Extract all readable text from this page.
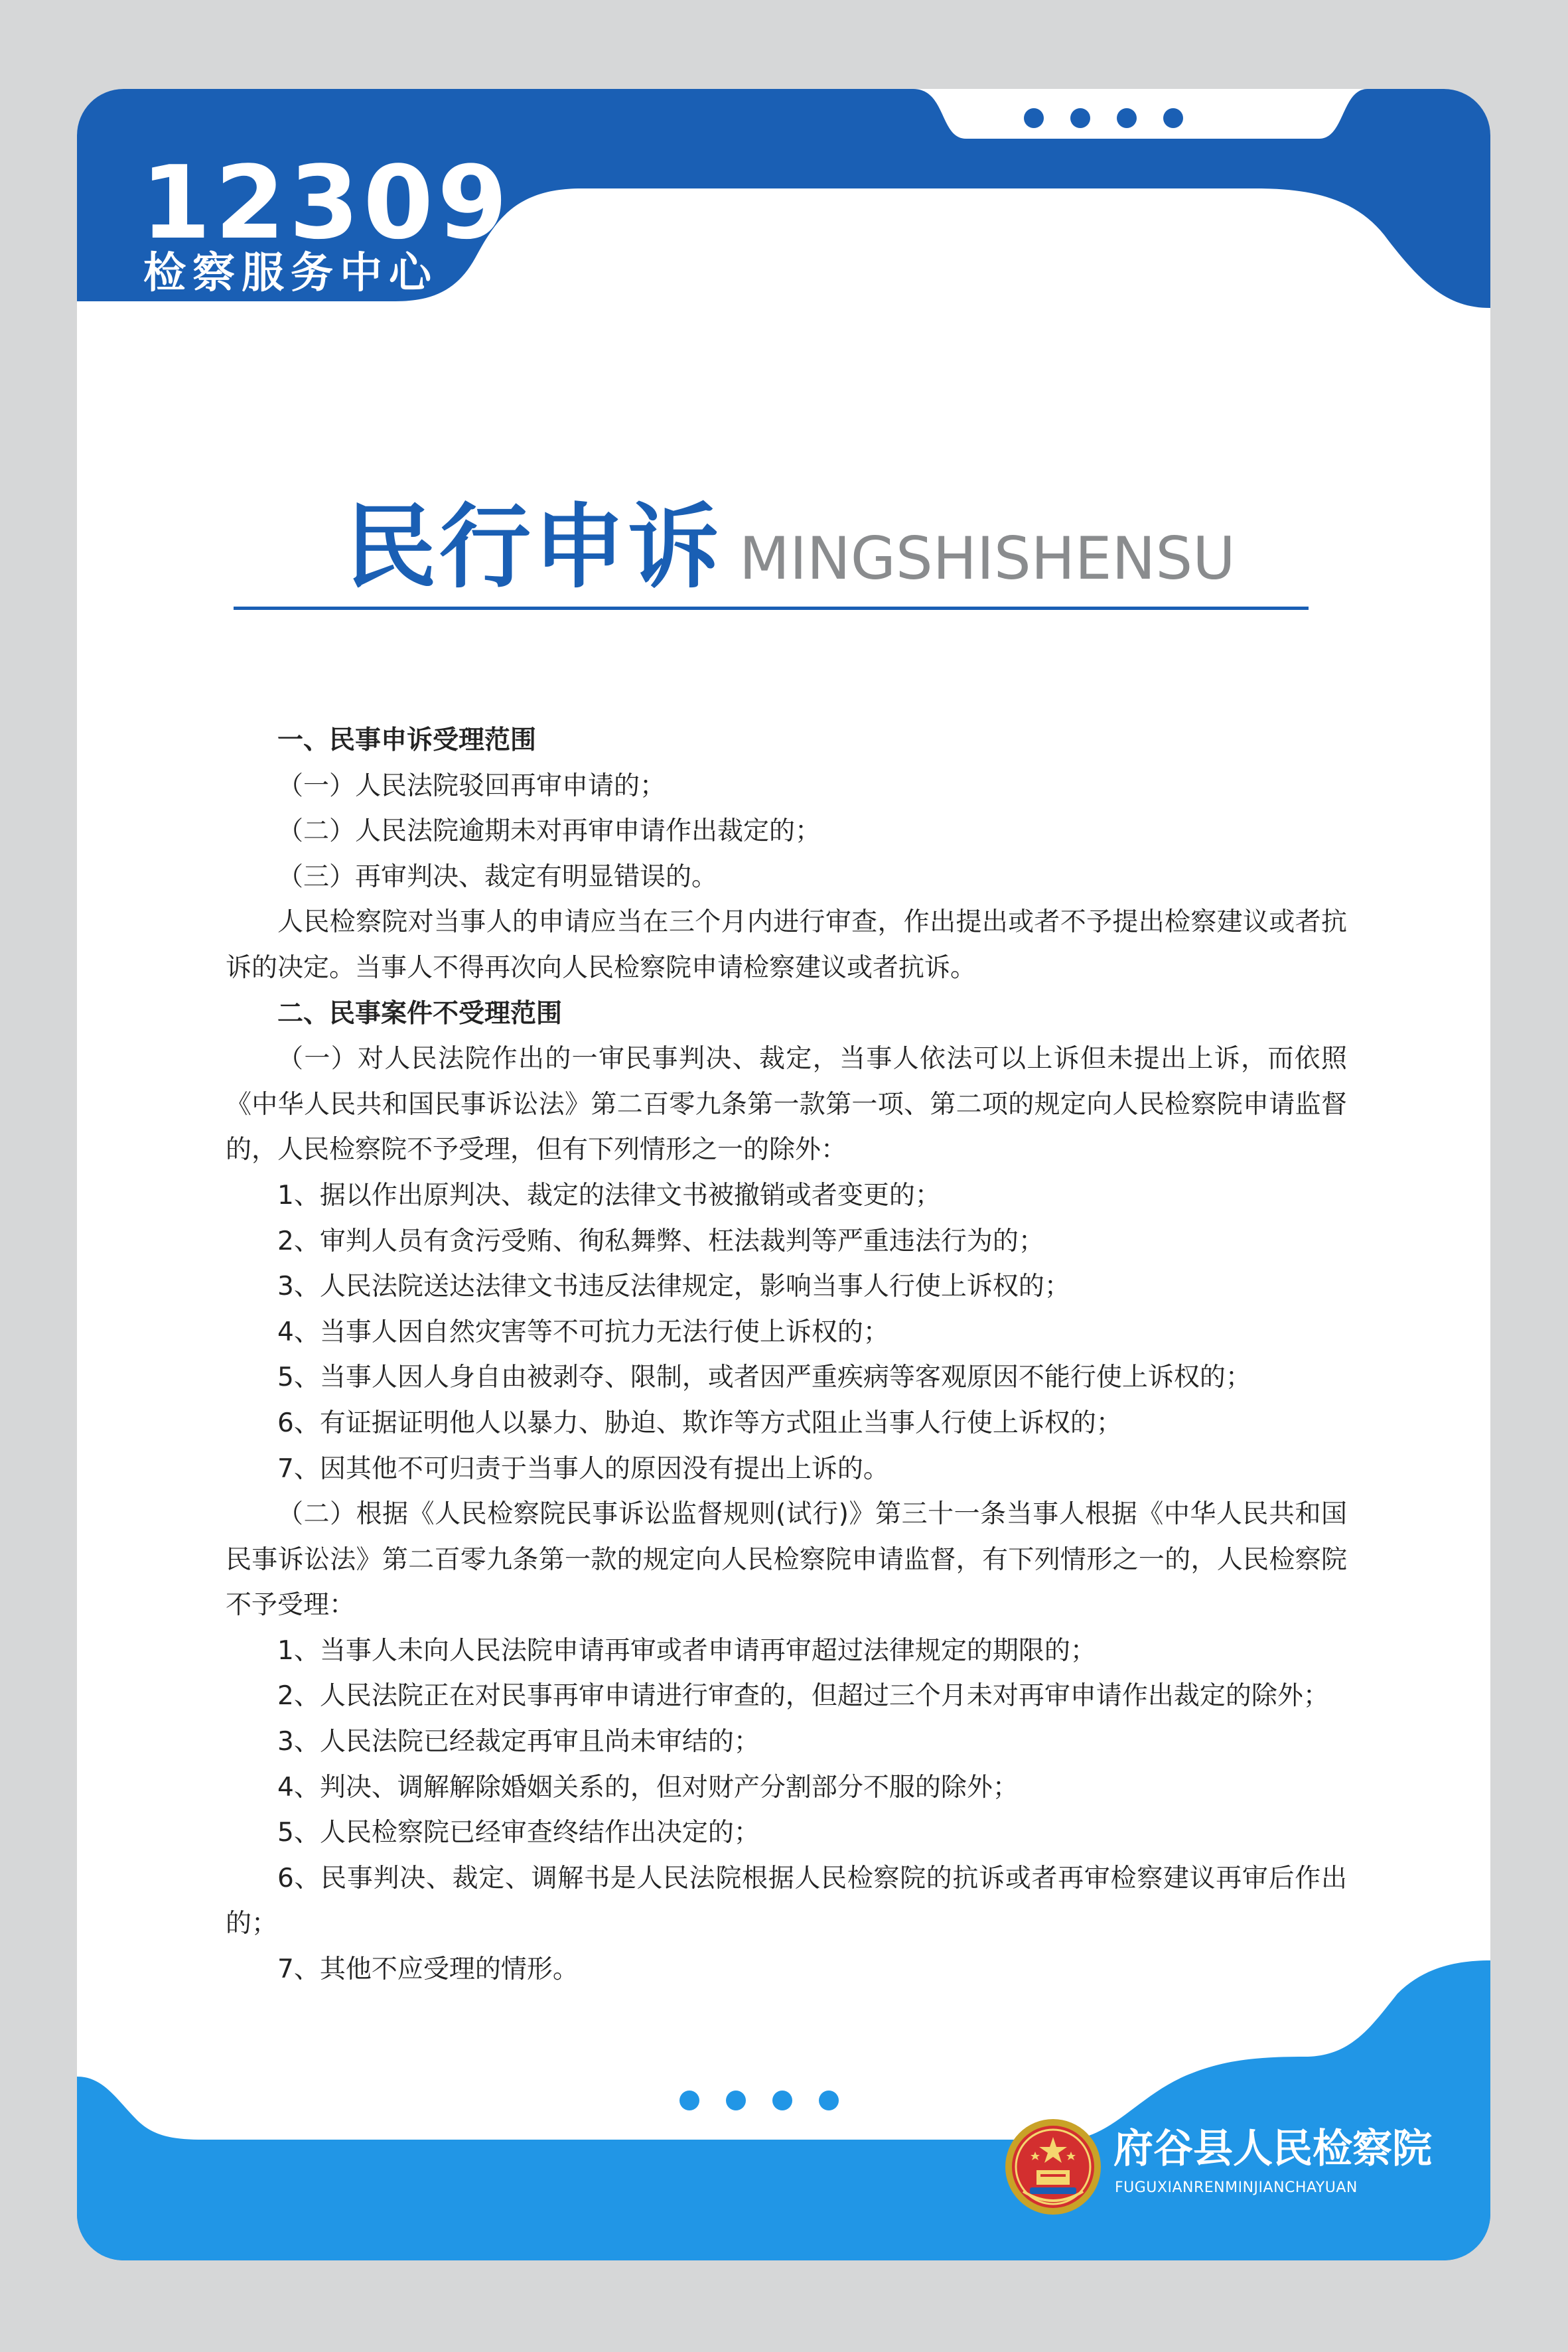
12309
检察服务中心
民行申诉 MINGSHISHENSU

一、民事申诉受理范围

（一）人民法院驳回再审申请的；

（二）人民法院逾期未对再审申请作出裁定的；

（三）再审判决、裁定有明显错误的。

人民检察院对当事人的申请应当在三个月内进行审查，作出提出或者不予提出检察建议或者抗诉的决定。当事人不得再次向人民检察院申请检察建议或者抗诉。

二、民事案件不受理范围

（一）对人民法院作出的一审民事判决、裁定，当事人依法可以上诉但未提出上诉，而依照《中华人民共和国民事诉讼法》第二百零九条第一款第一项、第二项的规定向人民检察院申请监督的，人民检察院不予受理，但有下列情形之一的除外：

1、据以作出原判决、裁定的法律文书被撤销或者变更的；

2、审判人员有贪污受贿、徇私舞弊、枉法裁判等严重违法行为的；

3、人民法院送达法律文书违反法律规定，影响当事人行使上诉权的；

4、当事人因自然灾害等不可抗力无法行使上诉权的；

5、当事人因人身自由被剥夺、限制，或者因严重疾病等客观原因不能行使上诉权的；

6、有证据证明他人以暴力、胁迫、欺诈等方式阻止当事人行使上诉权的；

7、因其他不可归责于当事人的原因没有提出上诉的。

（二）根据《人民检察院民事诉讼监督规则(试行)》第三十一条当事人根据《中华人民共和国民事诉讼法》第二百零九条第一款的规定向人民检察院申请监督，有下列情形之一的，人民检察院不予受理：

1、当事人未向人民法院申请再审或者申请再审超过法律规定的期限的；

2、人民法院正在对民事再审申请进行审查的，但超过三个月未对再审申请作出裁定的除外；

3、人民法院已经裁定再审且尚未审结的；

4、判决、调解解除婚姻关系的，但对财产分割部分不服的除外；

5、人民检察院已经审查终结作出决定的；

6、民事判决、裁定、调解书是人民法院根据人民检察院的抗诉或者再审检察建议再审后作出的；

7、其他不应受理的情形。

府谷县人民检察院
FUGUXIANRENMINJIANCHAYUAN
